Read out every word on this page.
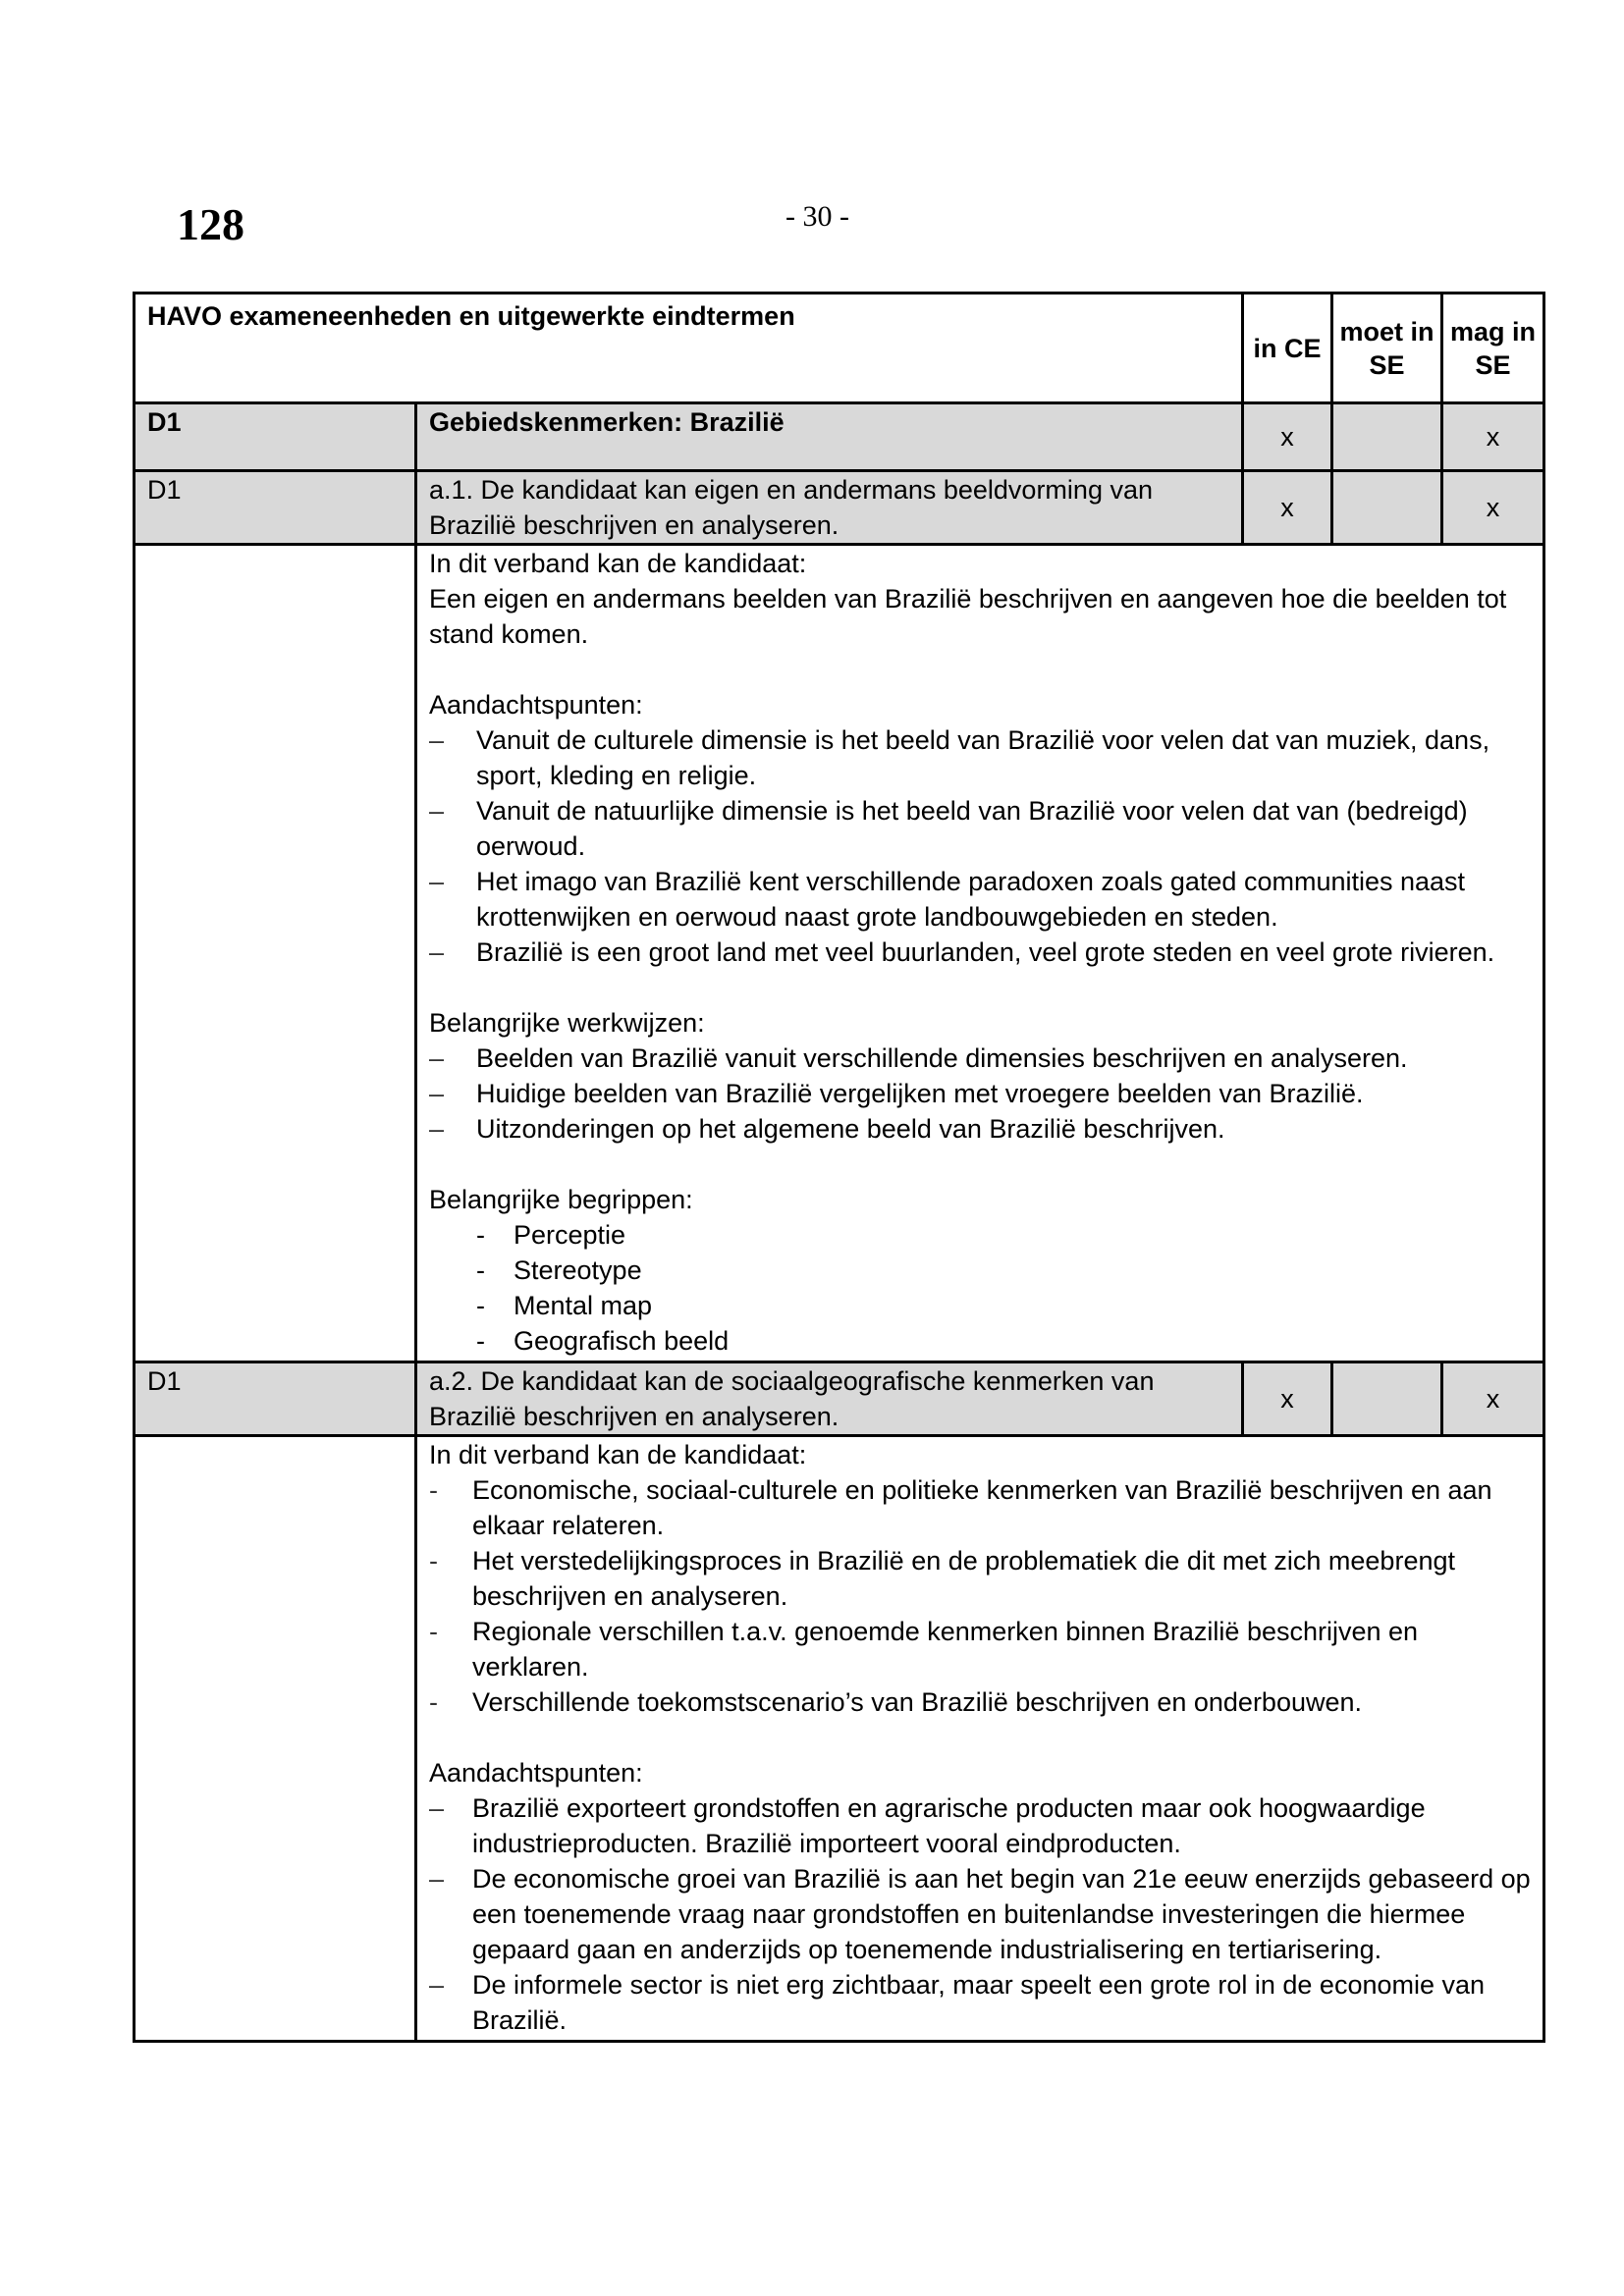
128	- 30 -
HAVO exameneenheden en uitgewerkte eindtermen		in CE	moet in SE	mag in SE
D1	Gebiedskenmerken: Brazilië	x		x
D1	a.1. De kandidaat kan eigen en andermans beeldvorming van Brazilië beschrijven en analyseren.	x		x

In dit verband kan de kandidaat:
Een eigen en andermans beelden van Brazilië beschrijven en aangeven hoe die beelden tot stand komen.
Aandachtspunten:
– Vanuit de culturele dimensie is het beeld van Brazilië voor velen dat van muziek, dans, sport, kleding en religie.
– Vanuit de natuurlijke dimensie is het beeld van Brazilië voor velen dat van (bedreigd) oerwoud.
– Het imago van Brazilië kent verschillende paradoxen zoals gated communities naast krottenwijken en oerwoud naast grote landbouwgebieden en steden.
– Brazilië is een groot land met veel buurlanden, veel grote steden en veel grote rivieren.
Belangrijke werkwijzen:
– Beelden van Brazilië vanuit verschillende dimensies beschrijven en analyseren.
– Huidige beelden van Brazilië vergelijken met vroegere beelden van Brazilië.
– Uitzonderingen op het algemene beeld van Brazilië beschrijven.
Belangrijke begrippen:
- Perceptie
- Stereotype
- Mental map
- Geografisch beeld

D1	a.2. De kandidaat kan de sociaalgeografische kenmerken van Brazilië beschrijven en analyseren.	x		x

In dit verband kan de kandidaat:
- Economische, sociaal-culturele en politieke kenmerken van Brazilië beschrijven en aan elkaar relateren.
- Het verstedelijkingsproces in Brazilië en de problematiek die dit met zich meebrengt beschrijven en analyseren.
- Regionale verschillen t.a.v. genoemde kenmerken binnen Brazilië beschrijven en verklaren.
- Verschillende toekomstscenario’s van Brazilië beschrijven en onderbouwen.
Aandachtspunten:
– Brazilië exporteert grondstoffen en agrarische producten maar ook hoogwaardige industrieproducten. Brazilië importeert vooral eindproducten.
– De economische groei van Brazilië is aan het begin van 21e eeuw enerzijds gebaseerd op een toenemende vraag naar grondstoffen en buitenlandse investeringen die hiermee gepaard gaan en anderzijds op toenemende industrialisering en tertiarisering.
– De informele sector is niet erg zichtbaar, maar speelt een grote rol in de economie van Brazilië.
